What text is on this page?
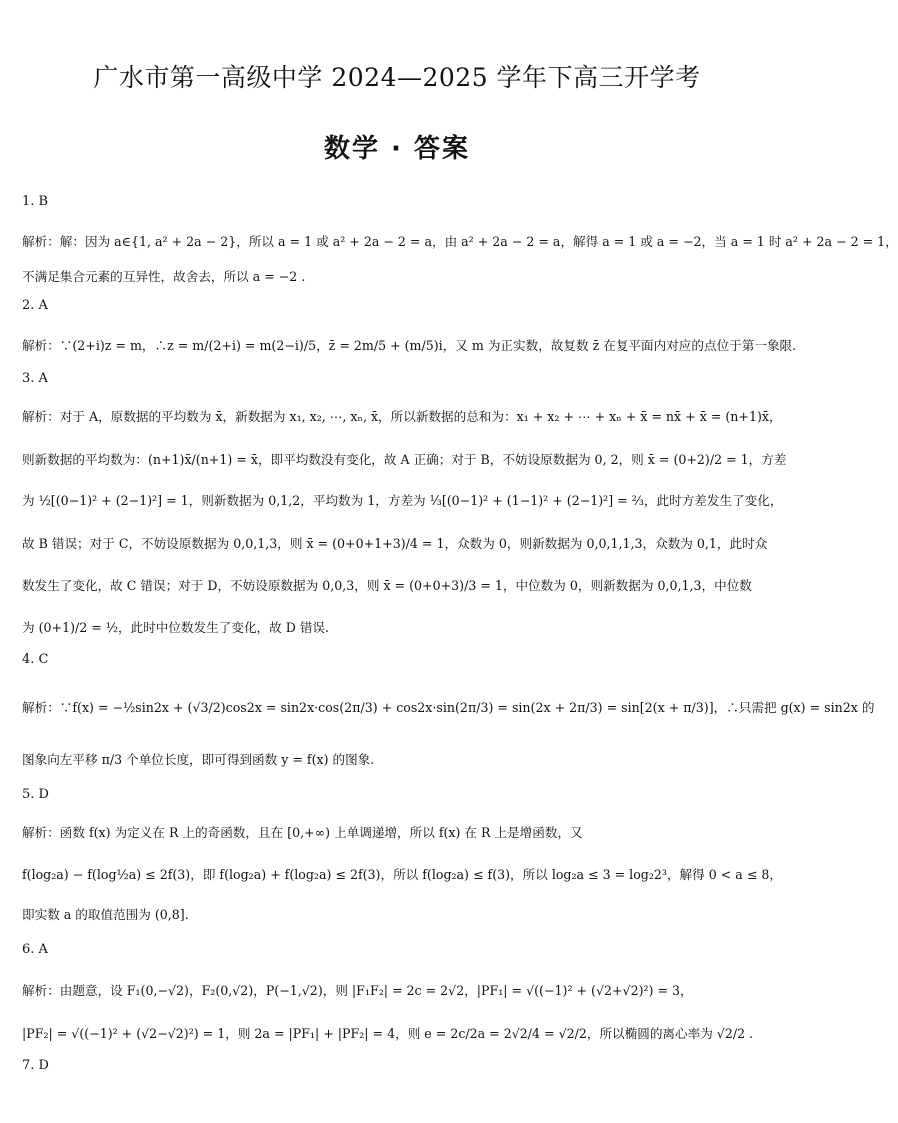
广水市第一高级中学 2024—2025 学年下高三开学考
数学 · 答案
1. B
解析：解：因为 a∈{1, a² + 2a − 2}，所以 a = 1 或 a² + 2a − 2 = a，由 a² + 2a − 2 = a，解得 a = 1 或 a = −2，当 a = 1 时 a² + 2a − 2 = 1，
不满足集合元素的互异性，故舍去，所以 a = −2 .
2. A
解析：∵(2+i)z = m，∴z = m/(2+i) = m(2−i)/5，z̄ = 2m/5 + (m/5)i，又 m 为正实数，故复数 z̄ 在复平面内对应的点位于第一象限.
3. A
解析：对于 A，原数据的平均数为 x̄，新数据为 x₁, x₂, ⋯, xₙ, x̄，所以新数据的总和为：x₁ + x₂ + ⋯ + xₙ + x̄ = nx̄ + x̄ = (n+1)x̄，
则新数据的平均数为：(n+1)x̄/(n+1) = x̄，即平均数没有变化，故 A 正确；对于 B，不妨设原数据为 0, 2，则 x̄ = (0+2)/2 = 1，方差
为 ½[(0−1)² + (2−1)²] = 1，则新数据为 0,1,2，平均数为 1，方差为 ⅓[(0−1)² + (1−1)² + (2−1)²] = ⅔，此时方差发生了变化，
故 B 错误；对于 C，不妨设原数据为 0,0,1,3，则 x̄ = (0+0+1+3)/4 = 1，众数为 0，则新数据为 0,0,1,1,3，众数为 0,1，此时众
数发生了变化，故 C 错误；对于 D，不妨设原数据为 0,0,3，则 x̄ = (0+0+3)/3 = 1，中位数为 0，则新数据为 0,0,1,3，中位数
为 (0+1)/2 = ½，此时中位数发生了变化，故 D 错误.
4. C
解析：∵f(x) = −½sin2x + (√3/2)cos2x = sin2x·cos(2π/3) + cos2x·sin(2π/3) = sin(2x + 2π/3) = sin[2(x + π/3)]，∴只需把 g(x) = sin2x 的
图象向左平移 π/3 个单位长度，即可得到函数 y = f(x) 的图象.
5. D
解析：函数 f(x) 为定义在 R 上的奇函数，且在 [0,+∞) 上单调递增，所以 f(x) 在 R 上是增函数，又
f(log₂a) − f(log½a) ≤ 2f(3)，即 f(log₂a) + f(log₂a) ≤ 2f(3)，所以 f(log₂a) ≤ f(3)，所以 log₂a ≤ 3 = log₂2³，解得 0 < a ≤ 8，
即实数 a 的取值范围为 (0,8].
6. A
解析：由题意，设 F₁(0,−√2)，F₂(0,√2)，P(−1,√2)，则 |F₁F₂| = 2c = 2√2，|PF₁| = √((−1)² + (√2+√2)²) = 3，
|PF₂| = √((−1)² + (√2−√2)²) = 1，则 2a = |PF₁| + |PF₂| = 4，则 e = 2c/2a = 2√2/4 = √2/2，所以椭圆的离心率为 √2/2 .
7. D
